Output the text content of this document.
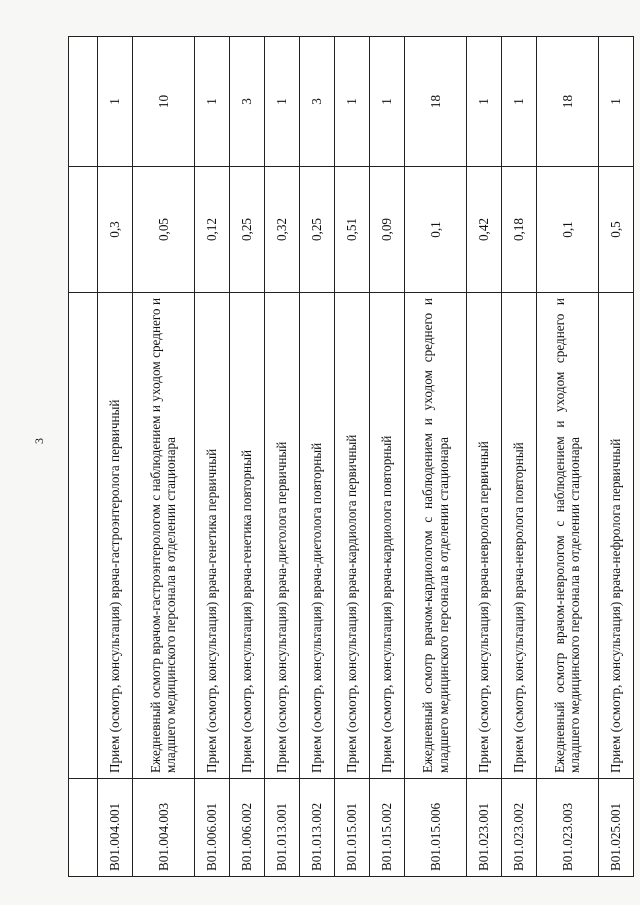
3

B01.004.001	Прием (осмотр, консультация) врача-гастроэнтеролога первичный	0,3	1
B01.004.003	Ежедневный осмотр врачом-гастроэнтерологом с наблюдением и уходом среднего и младшего медицинского персонала в отделении стационара	0,05	10
B01.006.001	Прием (осмотр, консультация) врача-генетика первичный	0,12	1
B01.006.002	Прием (осмотр, консультация) врача-генетика повторный	0,25	3
B01.013.001	Прием (осмотр, консультация) врача-диетолога первичный	0,32	1
B01.013.002	Прием (осмотр, консультация) врача-диетолога повторный	0,25	3
B01.015.001	Прием (осмотр, консультация) врача-кардиолога первичный	0,51	1
B01.015.002	Прием (осмотр, консультация) врача-кардиолога повторный	0,09	1
B01.015.006	Ежедневный осмотр врачом-кардиологом с наблюдением и уходом среднего и младшего медицинского персонала в отделении стационара	0,1	18
B01.023.001	Прием (осмотр, консультация) врача-невролога первичный	0,42	1
B01.023.002	Прием (осмотр, консультация) врача-невролога повторный	0,18	1
B01.023.003	Ежедневный осмотр врачом-неврологом с наблюдением и уходом среднего и младшего медицинского персонала в отделении стационара	0,1	18
B01.025.001	Прием (осмотр, консультация) врача-нефролога первичный	0,5	1
